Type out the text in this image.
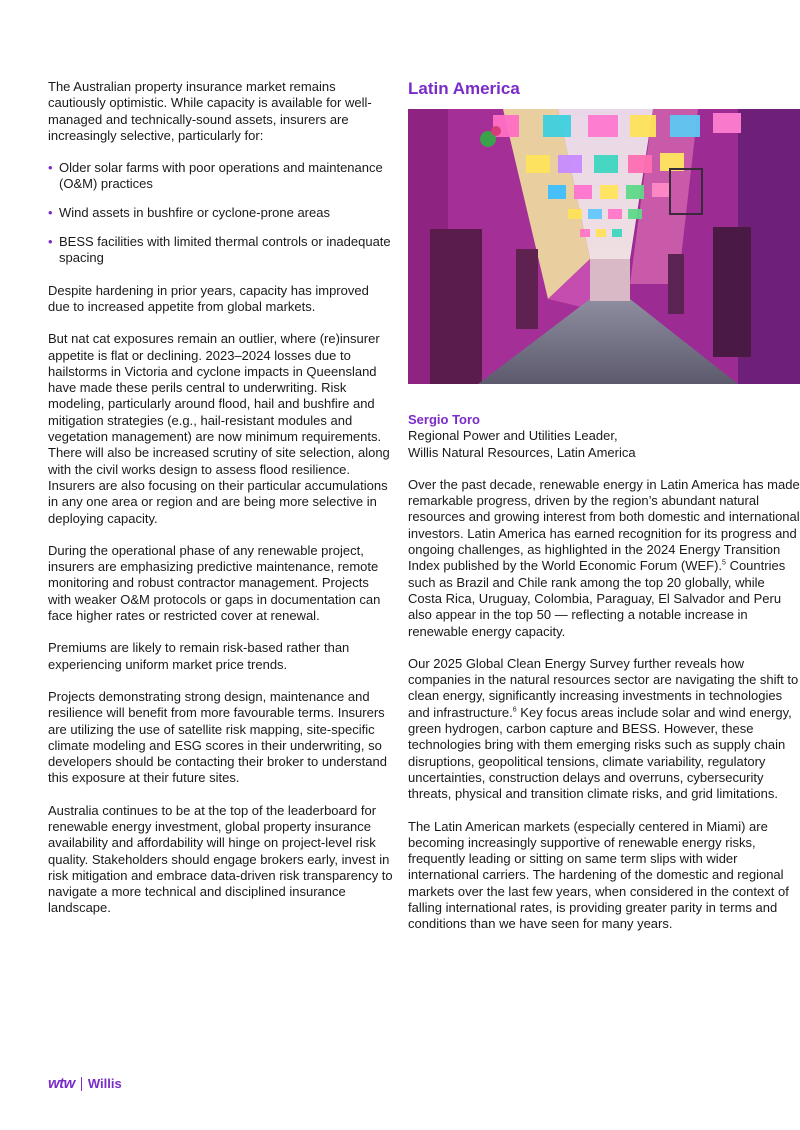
The Australian property insurance market remains cautiously optimistic. While capacity is available for well-managed and technically-sound assets, insurers are increasingly selective, particularly for:

• Older solar farms with poor operations and maintenance (O&M) practices
• Wind assets in bushfire or cyclone-prone areas
• BESS facilities with limited thermal controls or inadequate spacing

Despite hardening in prior years, capacity has improved due to increased appetite from global markets.

But nat cat exposures remain an outlier, where (re)insurer appetite is flat or declining. 2023–2024 losses due to hailstorms in Victoria and cyclone impacts in Queensland have made these perils central to underwriting. Risk modeling, particularly around flood, hail and bushfire and mitigation strategies (e.g., hail-resistant modules and vegetation management) are now minimum requirements. There will also be increased scrutiny of site selection, along with the civil works design to assess flood resilience. Insurers are also focusing on their particular accumulations in any one area or region and are being more selective in deploying capacity.

During the operational phase of any renewable project, insurers are emphasizing predictive maintenance, remote monitoring and robust contractor management. Projects with weaker O&M protocols or gaps in documentation can face higher rates or restricted cover at renewal.

Premiums are likely to remain risk-based rather than experiencing uniform market price trends.

Projects demonstrating strong design, maintenance and resilience will benefit from more favourable terms. Insurers are utilizing the use of satellite risk mapping, site-specific climate modeling and ESG scores in their underwriting, so developers should be contacting their broker to understand this exposure at their future sites.

Australia continues to be at the top of the leaderboard for renewable energy investment, global property insurance availability and affordability will hinge on project-level risk quality. Stakeholders should engage brokers early, invest in risk mitigation and embrace data-driven risk transparency to navigate a more technical and disciplined insurance landscape.

Latin America
Sergio Toro
Regional Power and Utilities Leader,
Willis Natural Resources, Latin America

Over the past decade, renewable energy in Latin America has made remarkable progress, driven by the region’s abundant natural resources and growing interest from both domestic and international investors. Latin America has earned recognition for its progress and ongoing challenges, as highlighted in the 2024 Energy Transition Index published by the World Economic Forum (WEF).$^5$ Countries such as Brazil and Chile rank among the top 20 globally, while Costa Rica, Uruguay, Colombia, Paraguay, El Salvador and Peru also appear in the top 50 — reflecting a notable increase in renewable energy capacity.

Our 2025 Global Clean Energy Survey further reveals how companies in the natural resources sector are navigating the shift to clean energy, significantly increasing investments in technologies and infrastructure.$^6$ Key focus areas include solar and wind energy, green hydrogen, carbon capture and BESS. However, these technologies bring with them emerging risks such as supply chain disruptions, geopolitical tensions, climate variability, regulatory uncertainties, construction delays and overruns, cybersecurity threats, physical and transition climate risks, and grid limitations.

The Latin American markets (especially centered in Miami) are becoming increasingly supportive of renewable energy risks, frequently leading or sitting on same term slips with wider international carriers. The hardening of the domestic and regional markets over the last few years, when considered in the context of falling international rates, is providing greater parity in terms and conditions than we have seen for many years.

wtw Willis
